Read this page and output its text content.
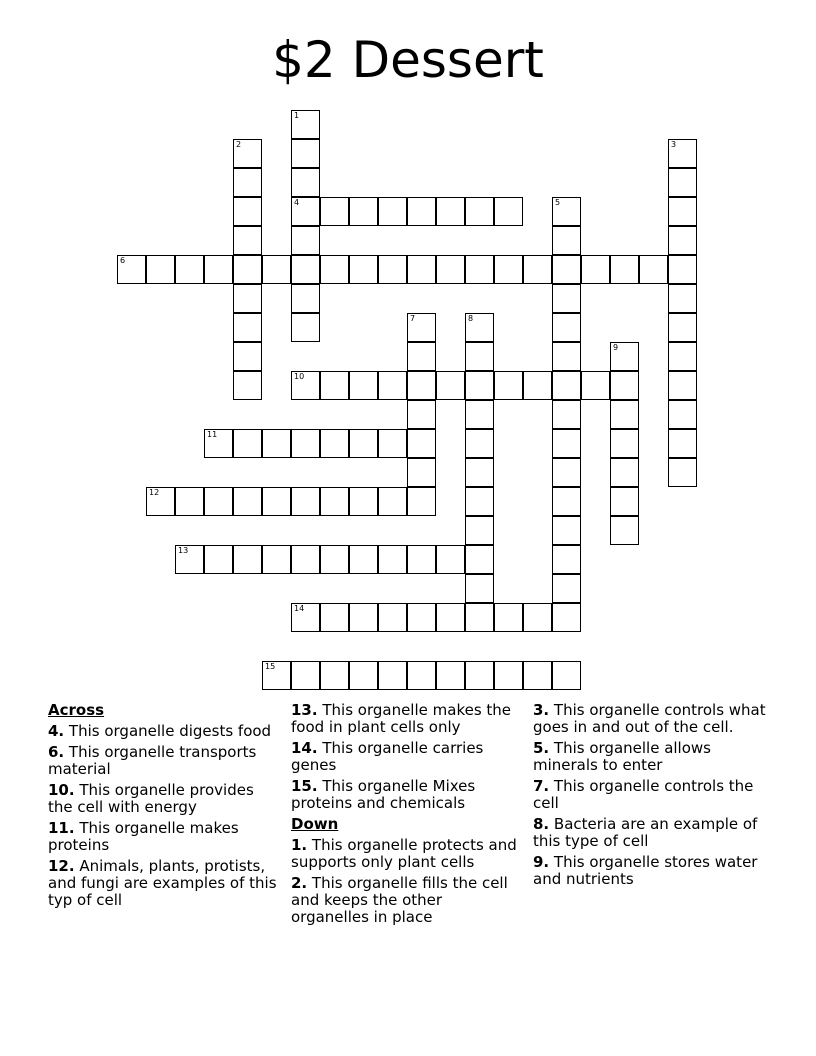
$2 Dessert
4
6
10
11
12
13
14
15
1
2	3
5
7	8
9
Across
4. This organelle digests food
6. This organelle transports material
10. This organelle provides the cell with energy
11. This organelle makes proteins
12. Animals, plants, protists, and fungi are examples of this typ of cell
13. This organelle makes the food in plant cells only
14. This organelle carries genes
15. This organelle Mixes proteins and chemicals
Down
1. This organelle protects and supports only plant cells
2. This organelle fills the cell and keeps the other organelles in place
3. This organelle controls what goes in and out of the cell.
5. This organelle allows minerals to enter
7. This organelle controls the cell
8. Bacteria are an example of this type of cell
9. This organelle stores water and nutrients
